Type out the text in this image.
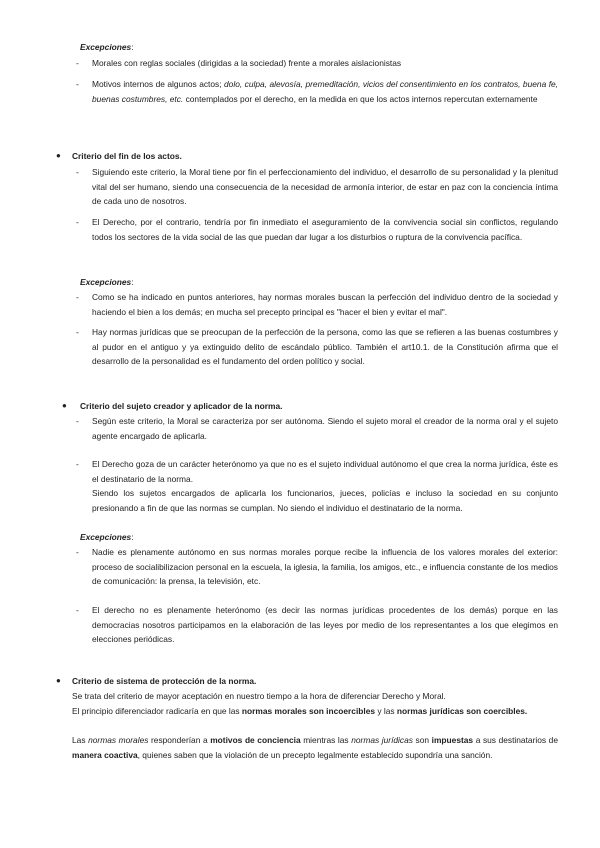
Excepciones:
- Morales con reglas sociales (dirigidas a la sociedad) frente a morales aislacionistas
- Motivos internos de algunos actos; dolo, culpa, alevosía, premeditación, vicios del consentimiento en los contratos, buena fe, buenas costumbres, etc. contemplados por el derecho, en la medida en que los actos internos repercutan externamente
● Criterio del fin de los actos.
- Siguiendo este criterio, la Moral tiene por fin el perfeccionamiento del individuo, el desarrollo de su personalidad y la plenitud vital del ser humano, siendo una consecuencia de la necesidad de armonía interior, de estar en paz con la conciencia íntima de cada uno de nosotros.
- El Derecho, por el contrario, tendría por fin inmediato el aseguramiento de la convivencia social sin conflictos, regulando todos los sectores de la vida social de las que puedan dar lugar a los disturbios o ruptura de la convivencia pacífica.
Excepciones:
- Como se ha indicado en puntos anteriores, hay normas morales buscan la perfección del individuo dentro de la sociedad y haciendo el bien a los demás; en mucha sel precepto principal es "hacer el bien y evitar el mal".
- Hay normas jurídicas que se preocupan de la perfección de la persona, como las que se refieren a las buenas costumbres y al pudor en el antiguo y ya extinguido delito de escándalo público. También el art10.1. de la Constitución afirma que el desarrollo de la personalidad es el fundamento del orden político y social.
● Criterio del sujeto creador y aplicador de la norma.
- Según este criterio, la Moral se caracteriza por ser autónoma. Siendo el sujeto moral el creador de la norma oral y el sujeto agente encargado de aplicarla.
- El Derecho goza de un carácter heterónomo ya que no es el sujeto individual autónomo el que crea la norma jurídica, éste es el destinatario de la norma.
Siendo los sujetos encargados de aplicarla los funcionarios, jueces, policías e incluso la sociedad en su conjunto presionando a fin de que las normas se cumplan. No siendo el individuo el destinatario de la norma.
Excepciones:
- Nadie es plenamente autónomo en sus normas morales porque recibe la influencia de los valores morales del exterior: proceso de socialibilizacion personal en la escuela, la iglesia, la familia, los amigos, etc., e influencia constante de los medios de comunicación: la prensa, la televisión, etc.
- El derecho no es plenamente heterónomo (es decir las normas jurídicas procedentes de los demás) porque en las democracias nosotros participamos en la elaboración de las leyes por medio de los representantes a los que elegimos en elecciones periódicas.
● Criterio de sistema de protección de la norma.
Se trata del criterio de mayor aceptación en nuestro tiempo a la hora de diferenciar Derecho y Moral.
El principio diferenciador radicaría en que las normas morales son incoercibles y las normas jurídicas son coercibles.
Las normas morales responderían a motivos de conciencia mientras las normas jurídicas son impuestas a sus destinatarios de manera coactiva, quienes saben que la violación de un precepto legalmente establecido supondría una sanción.
